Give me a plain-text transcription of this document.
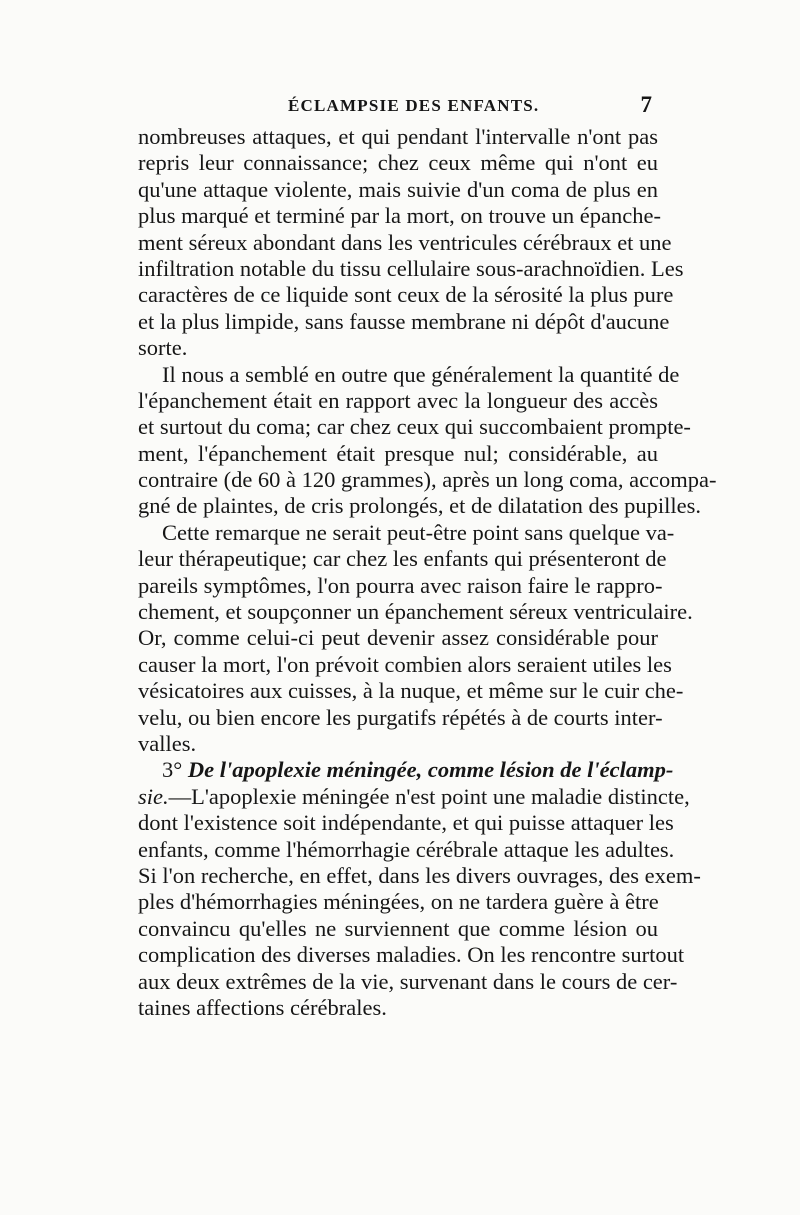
ÉCLAMPSIE DES ENFANTS.	7
nombreuses attaques, et qui pendant l'intervalle n'ont pas
repris leur connaissance; chez ceux même qui n'ont eu
qu'une attaque violente, mais suivie d'un coma de plus en
plus marqué et terminé par la mort, on trouve un épanche-
ment séreux abondant dans les ventricules cérébraux et une
infiltration notable du tissu cellulaire sous-arachnoïdien. Les
caractères de ce liquide sont ceux de la sérosité la plus pure
et la plus limpide, sans fausse membrane ni dépôt d'aucune
sorte.
Il nous a semblé en outre que généralement la quantité de
l'épanchement était en rapport avec la longueur des accès
et surtout du coma; car chez ceux qui succombaient prompte-
ment, l'épanchement était presque nul; considérable, au
contraire (de 60 à 120 grammes), après un long coma, accompa-
gné de plaintes, de cris prolongés, et de dilatation des pupilles.
Cette remarque ne serait peut-être point sans quelque va-
leur thérapeutique; car chez les enfants qui présenteront de
pareils symptômes, l'on pourra avec raison faire le rappro-
chement, et soupçonner un épanchement séreux ventriculaire.
Or, comme celui-ci peut devenir assez considérable pour
causer la mort, l'on prévoit combien alors seraient utiles les
vésicatoires aux cuisses, à la nuque, et même sur le cuir che-
velu, ou bien encore les purgatifs répétés à de courts inter-
valles.
3° De l'apoplexie méningée, comme lésion de l'éclamp-
sie.—L'apoplexie méningée n'est point une maladie distincte,
dont l'existence soit indépendante, et qui puisse attaquer les
enfants, comme l'hémorrhagie cérébrale attaque les adultes.
Si l'on recherche, en effet, dans les divers ouvrages, des exem-
ples d'hémorrhagies méningées, on ne tardera guère à être
convaincu qu'elles ne surviennent que comme lésion ou
complication des diverses maladies. On les rencontre surtout
aux deux extrêmes de la vie, survenant dans le cours de cer-
taines affections cérébrales.
